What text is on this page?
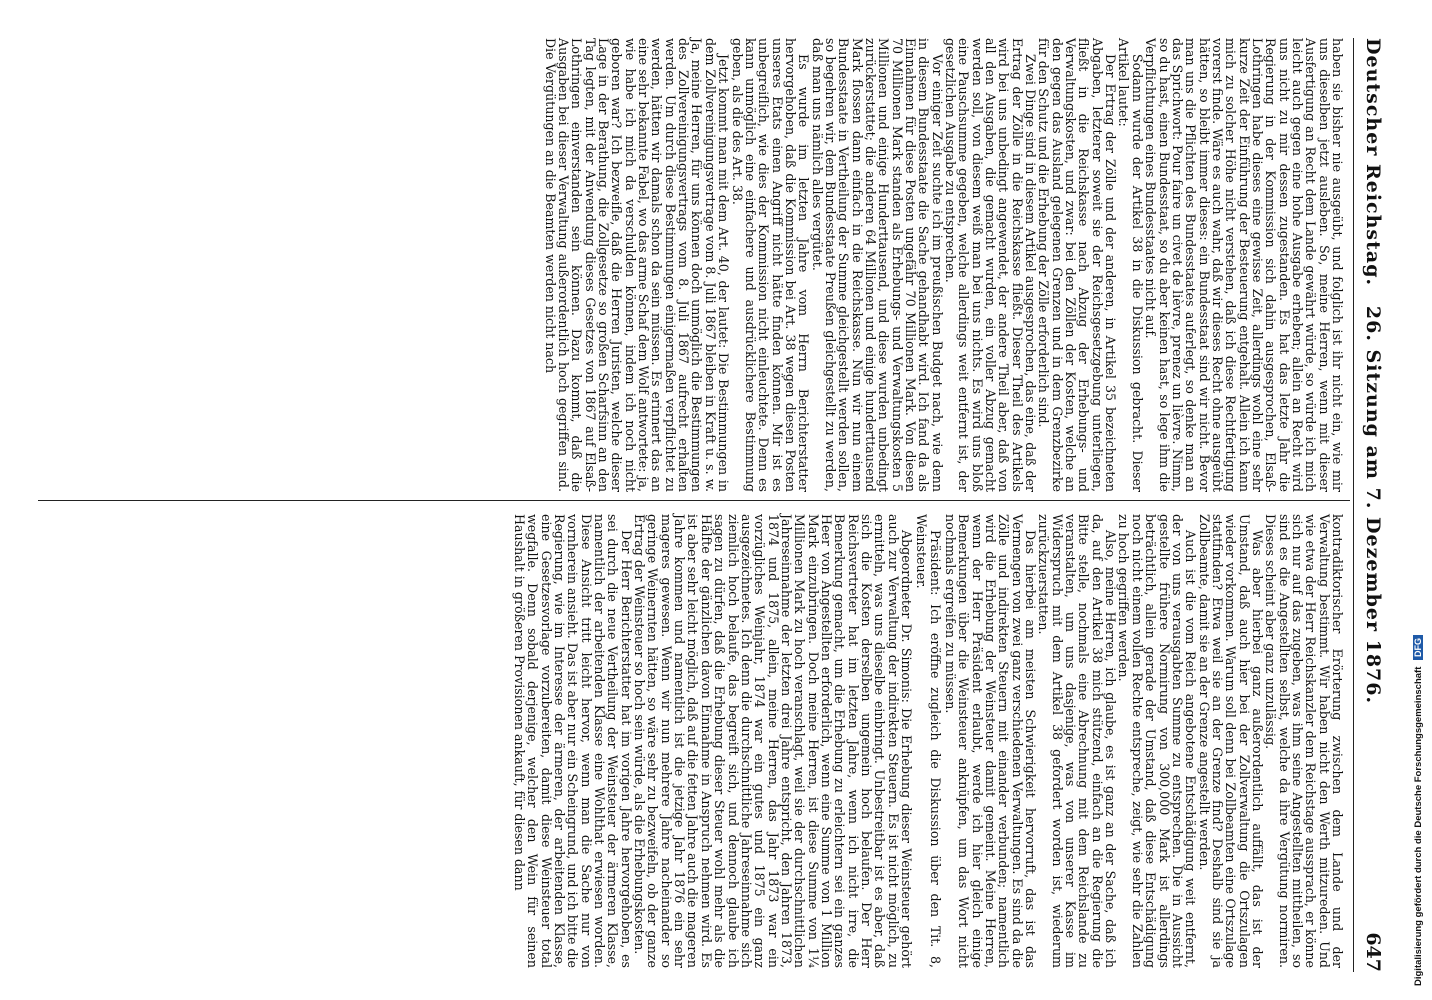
Deutscher Reichstag.
26. Sitzung am 7. Dezember 1876.
647

haben sie bisher nie ausgeübt, und folglich ist ihr nicht ein, wie mir uns dieselben jetzt ausleben. So, meine Herren, wenn mit dieser Ausfertigung an Recht dem Lande gewährt würde, so würde ich mich leicht auch gegen eine hohe Ausgabe erheben; allein an Recht wird uns nicht zu mir dessen zugestanden. Es hat das letzte Jahr die Regierung in der Kommission sich dahin ausgesprochen, Elsaß-Lothringen habe dieses eine gewisse Zeit, allerdings wohl eine sehr kurze Zeit der Einführung der Besteuerung entgehalt. Allein ich kann mich zu solcher Höhe nicht verstehen, daß ich diese Rechtfertigung vorerst finde. Wäre es auch wahr, daß wir dieses Recht ohne ausgeübt hätten, so bleibt immer dieses: ein Bundesstaat sind wir nicht. Bevor man uns die Pflichten des Bundesstaates auferlegt, so denke man an das Sprichwort: Pour faire un civet de lièvre, prenez un lièvre. Nimm, so du hast, einen Bundesstaat, so du aber keinen hast, so lege ihm die Verpflichtungen eines Bundesstaates nicht auf.

Sodann wurde der Artikel 38 in die Diskussion gebracht. Dieser Artikel lautet:

Der Ertrag der Zölle und der anderen, in Artikel 35 bezeichneten Abgaben, letzterer soweit sie der Reichsgesetzgebung unterliegen, fließt in die Reichskasse nach Abzug der Erhebungs- und Verwaltungskosten, und zwar: bei den Zöllen der Kosten, welche an den gegen das Ausland gelegenen Grenzen und in dem Grenzbezirke für den Schutz und die Erhebung der Zölle erforderlich sind.

Zwei Dinge sind in diesem Artikel ausgesprochen, das eine, daß der Ertrag der Zölle in die Reichskasse fließt. Dieser Theil des Artikels wird bei uns unbedingt angewendet, der andere Theil aber, daß von all den Ausgaben, die gemacht wurden, ein voller Abzug gemacht werden soll, von diesem weiß man bei uns nichts. Es wird uns bloß eine Pauschsumme gegeben, welche allerdings weit entfernt ist, der gesetzlichen Ausgabe zu entsprechen.

Vor einiger Zeit suchte ich im preußischen Budget nach, wie denn in diesem Bundesstaate die Sache gehandhabt wird. Ich fand da als Einnahmen für diese Posten ungefähr 70 Millionen Mark. Von diesen 70 Millionen Mark standen als Erhebungs- und Verwaltungskosten 5 Millionen und einige Hunderttausend, und diese wurden unbedingt zurückerstattet; die anderen 64 Millionen und einige hunderttausend Mark flossen dann einfach in die Reichskasse. Nun wir nun einem Bundesstaate in Vertheilung der Summe gleichgestellt werden sollen, so begehren wir, dem Bundesstaate Preußen gleichgestellt zu werden, daß man uns nämlich alles vergütet.

Es wurde im letzten Jahre vom Herrn Berichterstatter hervorgehoben, daß die Kommission bei Art. 38 wegen diesen Posten unseres Etats einen Angriff nicht hätte finden können. Mir ist es unbegreiflich, wie dies der Kommission nicht einleuchtete. Denn es kann unmöglich eine einfachere und ausdrücklichere Bestimmung geben, als die des Art. 38.

Jetzt kommt man mit dem Art. 40, der lautet: Die Bestimmungen in dem Zollvereinigungsvertrage vom 8. Juli 1867 bleiben in Kraft u. s. w. Ja, meine Herren, für uns können doch unmöglich die Bestimmungen des Zollvereinigungsvertrags vom 8. Juli 1867 aufrecht erhalten werden. Um durch diese Bestimmungen einigermaßen verpflichtet zu werden, hätten wir damals schon da sein müssen. Es erinnert das an eine sehr bekannte Fabel, wo das arme Schaf dem Wolf antwortete: ja, wie habe ich mich da verschulden können, indem ich noch nicht geboren war? Ich bezweifle, daß die Herren Juristen, welche dieser Lage in der Berathung, die Zollgesetze so großen Scharfsinn an den Tag legten, mit der Anwendung dieses Gesetzes von 1867 auf Elsaß-Lothringen einverstanden sein können. Dazu kommt, daß die Ausgaben bei dieser Verwaltung außerordentlich hoch gegriffen sind. Die Vergütungen an die Beamten werden nicht nach

kontradiktorischer Erörterung zwischen dem Lande und der Verwaltung bestimmt. Wir haben nicht den Werth mitzureden. Und wie etwa der Herr Reichskanzler dem Reichstage aussprach, er könne sich nur auf das zugeben, was ihm seine Angestellten mittheilen, so sind es die Angestellten selbst, welche da ihre Vergütung normiren. Dieses scheint aber ganz unzulässig.

Was aber hierbei ganz außerordentlich auffällt, das ist der Umstand, daß auch hier bei der Zollverwaltung die Ortszulagen wieder vorkommen. Warum soll denn bei Zollbeamten eine Ortszulage stattfinden? Etwa weil sie an der Grenze find? Deshalb sind sie ja Zollbeamte, damit sie an der Grenze angestellt werden.

Auch ist die vom Reich angebotene Entschädigung weit entfernt, der von uns verausgabten Summe zu entsprechen. Die in Aussicht gestellte frühere Normirung von 300,000 Mark ist allerdings beträchtlich, allein gerade der Umstand, daß diese Entschädigung noch nicht einem vollen Rechte entspreche, zeigt, wie sehr die Zahlen zu hoch gegriffen werden.

Also, meine Herren, ich glaube, es ist ganz an der Sache, daß ich da, auf den Artikel 38 mich stützend, einfach an die Regierung die Bitte stelle, nochmals eine Abrechnung mit dem Reichslande zu veranstalten, um uns dasjenige, was von unserer Kasse im Widerspruch mit dem Artikel 38 gefordert worden ist, wiederum zurückzuerstatten.

Das hierbei am meisten Schwierigkeit hervorruft, das ist das Vermengen von zwei ganz verschiedenen Verwaltungen. Es sind da die Zölle und indirekten Steuern mit einander verbunden; namentlich wird die Erhebung der Weinsteuer damit gemeint. Meine Herren, wenn der Herr Präsident erlaubt, werde ich hier gleich einige Bemerkungen über die Weinsteuer anknüpfen, um das Wort nicht nochmals ergreifen zu müssen.

Präsident: Ich eröffne zugleich die Diskussion über den Tit. 8, Weinsteuer.

Abgeordneter Dr. Simonis: Die Erhebung dieser Weinsteuer gehört auch zur Verwaltung der indirekten Steuern. Es ist nicht möglich, zu ermitteln, was uns dieselbe einbringt. Unbestreitbar ist es aber, daß sich die Kosten derselben ungemein hoch belaufen. Der Herr Reichsvertreter hat im letzten Jahre, wenn ich nicht irre, die Bemerkung gemacht, um die Erhebung zu erleichtern sei ein ganzes Heer von Angestellten erforderlich, wenn eine Summe von 1 Million Mark einzubringen. Doch meine Herren, ist diese Summe von 1¼ Millionen Mark zu hoch veranschlagt, weil sie der durchschnittlichen Jahreseinnahme der letzten drei Jahre entspricht, den Jahren 1873, 1874 und 1875, allein, meine Herren, das Jahr 1873 war ein vorzügliches Weinjahr, 1874 war ein gutes und 1875 ein ganz ausgezeichnetes. Ich denn die durchschnittliche Jahreseinnahme sich ziemlich hoch belaufe, das begreift sich, und dennoch glaube ich sagen zu dürfen, daß die Erhebung dieser Steuer wohl mehr als die Hälfte der gänzlichen davon Einnahme in Anspruch nehmen wird. Es ist aber sehr leicht möglich, daß auf die fetten Jahre auch die mageren Jahre kommen und namentlich ist die jetzige Jahr 1876 ein sehr mageres gewesen. Wenn wir nun mehrere Jahre nacheinander so geringe Weinernten hätten, so wäre sehr zu bezweifeln, ob der ganze Ertrag der Weinsteuer so hoch sein würde, als die Erhebungskosten.

Der Herr Berichterstatter hat im vorigen Jahre hervorgehoben, es sei durch die neue Vertheilung der Weinsteuer der ärmeren Klasse, namentlich der arbeitenden Klasse eine Wohlthat erwiesen worden. Diese Ansicht tritt leicht hervor, wenn man die Sache nur von vornherein ansieht. Das ist aber nur ein Scheingrund, und ich bitte die Regierung, wie im Interesse der ärmeren, der arbeitenden Klasse, eine Gesetzesvorlage vorzubereiten, damit diese Weinsteuer total wegfalle. Denn sobald derjenige, welcher den Wein für seinen Haushalt in größeren Provisionen ankauft, für diesen dann	Digitalisierung gefördert durch die Deutsche Forschungsgemeinschaft DFG
